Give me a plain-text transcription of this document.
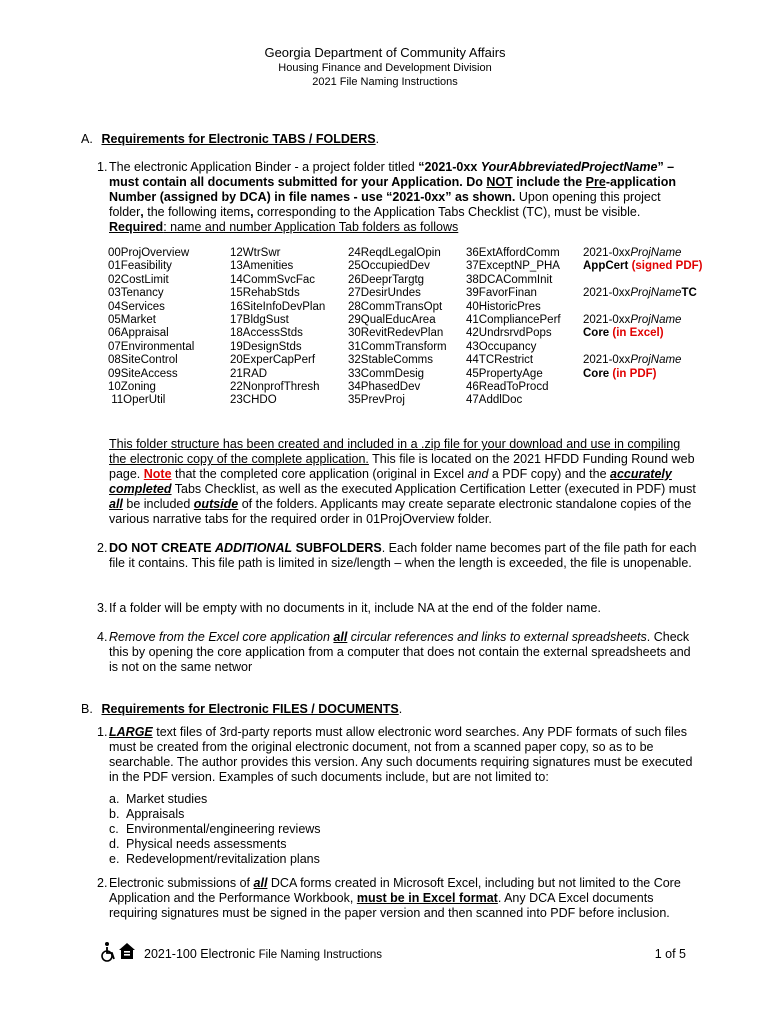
Georgia Department of Community Affairs
Housing Finance and Development Division
2021 File Naming Instructions
A. Requirements for Electronic TABS / FOLDERS.
1. The electronic Application Binder - a project folder titled “2021-0xx YourAbbreviatedProjectName” – must contain all documents submitted for your Application. Do NOT include the Pre-application Number (assigned by DCA) in file names - use “2021-0xx” as shown. Upon opening this project folder, the following items, corresponding to the Application Tabs Checklist (TC), must be visible.
Required: name and number Application Tab folders as follows
00ProjOverview
01Feasibility
02CostLimit
03Tenancy
04Services
05Market
06Appraisal
07Environmental
08SiteControl
09SiteAccess
10Zoning
11OperUtil
12WtrSwr
13Amenities
14CommSvcFac
15RehabStds
16SiteInfoDevPlan
17BldgSust
18AccessStds
19DesignStds
20ExperCapPerf
21RAD
22NonprofThresh
23CHDO
24ReqdLegalOpin
25OccupiedDev
26DeeprTargtg
27DesirUndes
28CommTransOpt
29QualEducArea
30RevitRedevPlan
31CommTransform
32StableComms
33CommDesig
34PhasedDev
35PrevProj
36ExtAffordComm
37ExceptNP_PHA
38DCACommInit
39FavorFinan
40HistoricPres
41CompliancePerf
42UndrsrvdPops
43Occupancy
44TCRestrict
45PropertyAge
46ReadToProcd
47AddlDoc
2021-0xxProjName
AppCert (signed PDF)

2021-0xxProjNameTC

2021-0xxProjName
Core (in Excel)

2021-0xxProjName
Core (in PDF)
This folder structure has been created and included in a .zip file for your download and use in compiling the electronic copy of the complete application. This file is located on the 2021 HFDD Funding Round web page. Note that the completed core application (original in Excel and a PDF copy) and the accurately completed Tabs Checklist, as well as the executed Application Certification Letter (executed in PDF) must all be included outside of the folders. Applicants may create separate electronic standalone copies of the various narrative tabs for the required order in 01ProjOverview folder.
2. DO NOT CREATE ADDITIONAL SUBFOLDERS. Each folder name becomes part of the file path for each file it contains. This file path is limited in size/length – when the length is exceeded, the file is unopenable.
3. If a folder will be empty with no documents in it, include NA at the end of the folder name.
4. Remove from the Excel core application all circular references and links to external spreadsheets. Check this by opening the core application from a computer that does not contain the external spreadsheets and is not on the same networ
B. Requirements for Electronic FILES / DOCUMENTS.
1. LARGE text files of 3rd-party reports must allow electronic word searches. Any PDF formats of such files must be created from the original electronic document, not from a scanned paper copy, so as to be searchable. The author provides this version. Any such documents requiring signatures must be executed in the PDF version. Examples of such documents include, but are not limited to:
a. Market studies
b. Appraisals
c. Environmental/engineering reviews
d. Physical needs assessments
e. Redevelopment/revitalization plans
2. Electronic submissions of all DCA forms created in Microsoft Excel, including but not limited to the Core Application and the Performance Workbook, must be in Excel format. Any DCA Excel documents requiring signatures must be signed in the paper version and then scanned into PDF before inclusion.
2021-100 Electronic File Naming Instructions	1 of 5
